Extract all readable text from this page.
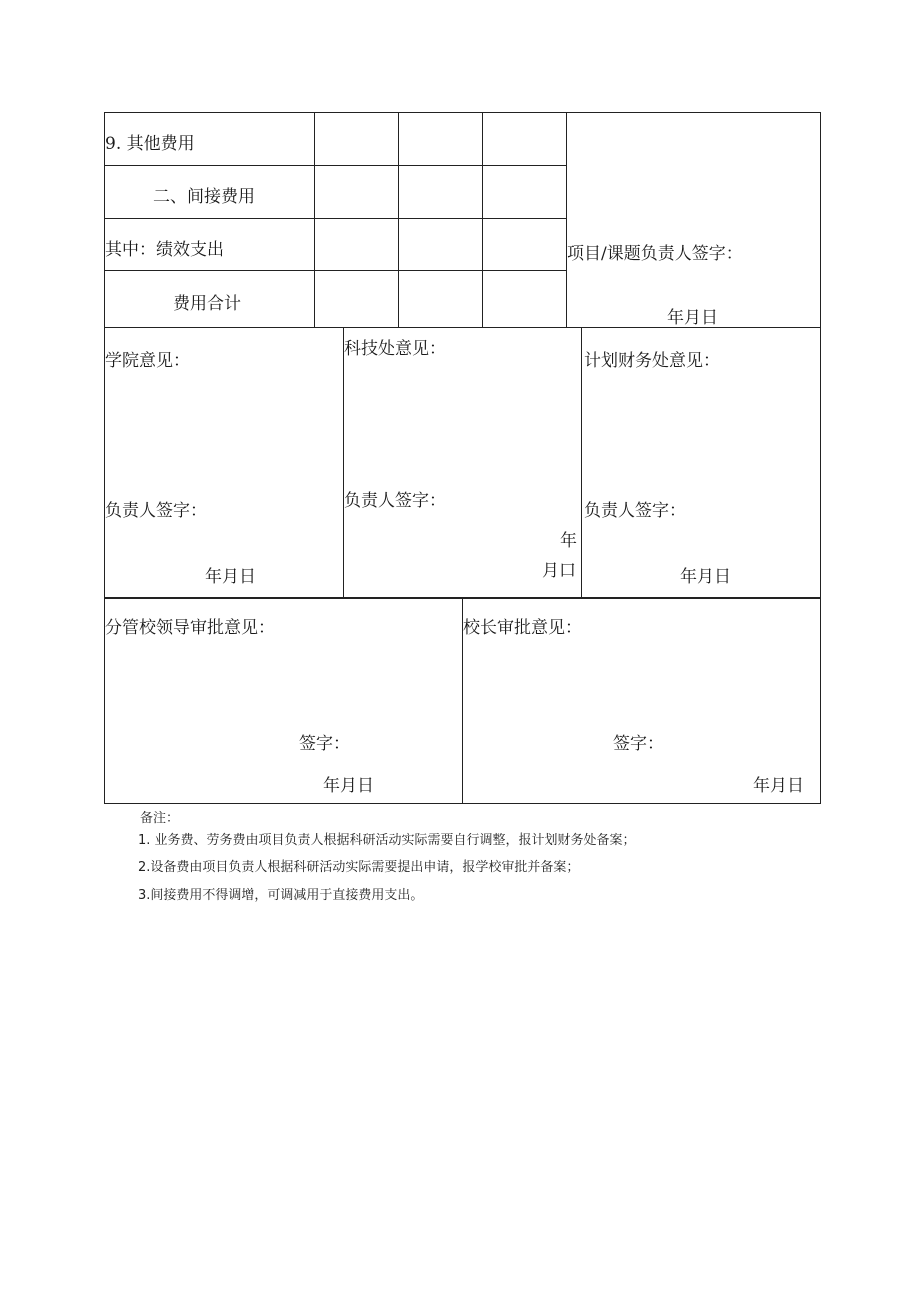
9. 其他费用				项目/课题负责人签字：
年月日

二、间接费用				

其中：绩效支出				

费用合计				

学院意见：
负责人签字：
年月日

科技处意见：
负责人签字：
年
月口

计划财务处意见：
负责人签字：
年月日
分管校领导审批意见：
签字：
年月日

校长审批意见：
签字：
年月日
备注：
1. 业务费、劳务费由项目负责人根据科研活动实际需要自行调整，报计划财务处备案；
2.设备费由项目负责人根据科研活动实际需要提出申请，报学校审批并备案；
3.间接费用不得调增，可调减用于直接费用支出。
